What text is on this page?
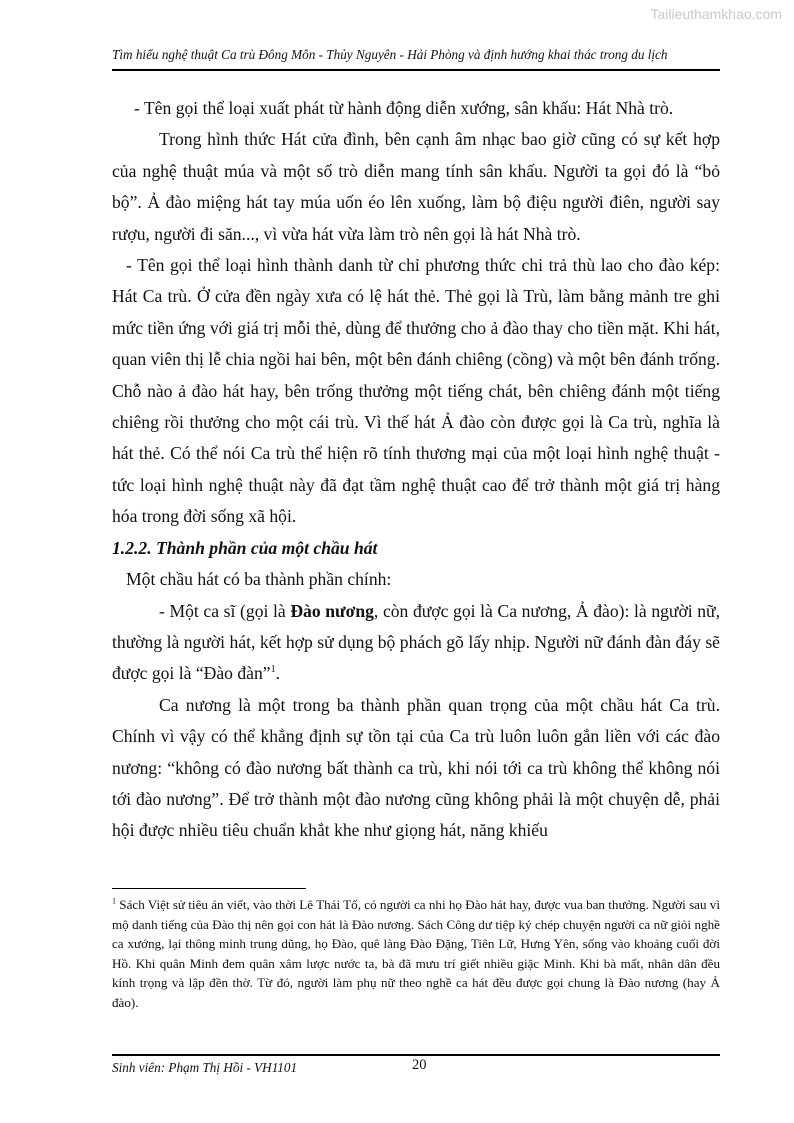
Tailieuthamkhao.com
Tìm hiểu nghệ thuật Ca trù Đông Môn - Thủy Nguyên - Hải Phòng và định hướng khai thác trong du lịch

- Tên gọi thể loại xuất phát từ hành động diễn xướng, sân khấu: Hát Nhà trò.

Trong hình thức Hát cửa đình, bên cạnh âm nhạc bao giờ cũng có sự kết hợp của nghệ thuật múa và một số trò diễn mang tính sân khấu. Người ta gọi đó là “bỏ bộ”. Ả đào miệng hát tay múa uốn éo lên xuống, làm bộ điệu người điên, người say rượu, người đi săn..., vì vừa hát vừa làm trò nên gọi là hát Nhà trò.

- Tên gọi thể loại hình thành danh từ chỉ phương thức chi trả thù lao cho đào kép: Hát Ca trù. Ở cửa đền ngày xưa có lệ hát thẻ. Thẻ gọi là Trù, làm bằng mảnh tre ghi mức tiền ứng với giá trị mỗi thẻ, dùng để thưởng cho ả đào thay cho tiền mặt. Khi hát, quan viên thị lễ chia ngồi hai bên, một bên đánh chiêng (cồng) và một bên đánh trống. Chỗ nào ả đào hát hay, bên trống thưởng một tiếng chát, bên chiêng đánh một tiếng chiêng rồi thưởng cho một cái trù. Vì thế hát Ả đào còn được gọi là Ca trù, nghĩa là hát thẻ. Có thể nói Ca trù thể hiện rõ tính thương mại của một loại hình nghệ thuật - tức loại hình nghệ thuật này đã đạt tầm nghệ thuật cao để trở thành một giá trị hàng hóa trong đời sống xã hội.

1.2.2. Thành phần của một chầu hát

Một chầu hát có ba thành phần chính:

- Một ca sĩ (gọi là Đào nương, còn được gọi là Ca nương, Ả đào): là người nữ, thường là người hát, kết hợp sử dụng bộ phách gõ lấy nhịp. Người nữ đánh đàn đáy sẽ được gọi là “Đào đàn”$^1$.

Ca nương là một trong ba thành phần quan trọng của một chầu hát Ca trù. Chính vì vậy có thể khẳng định sự tồn tại của Ca trù luôn luôn gắn liền với các đào nương: “không có đào nương bất thành ca trù, khi nói tới ca trù không thể không nói tới đào nương”. Để trở thành một đào nương cũng không phải là một chuyện dễ, phải hội được nhiều tiêu chuẩn khắt khe như giọng hát, năng khiếu

$^1$ Sách Việt sử tiêu án viết, vào thời Lê Thái Tổ, có người ca nhi họ Đào hát hay, được vua ban thưởng. Người sau vì mộ danh tiếng của Đào thị nên gọi con hát là Đào nương. Sách Công dư tiệp ký chép chuyện người ca nữ giỏi nghề ca xướng, lại thông minh trung dũng, họ Đào, quê làng Đào Đặng, Tiên Lữ, Hưng Yên, sống vào khoảng cuối đời Hồ. Khi quân Minh đem quân xâm lược nước ta, bà đã mưu trí giết nhiều giặc Minh. Khi bà mất, nhân dân đều kính trọng và lập đền thờ. Từ đó, người làm phụ nữ theo nghề ca hát đều được gọi chung là Đào nương (hay Ả đào).
Sinh viên: Phạm Thị Hồi - VH1101	20
